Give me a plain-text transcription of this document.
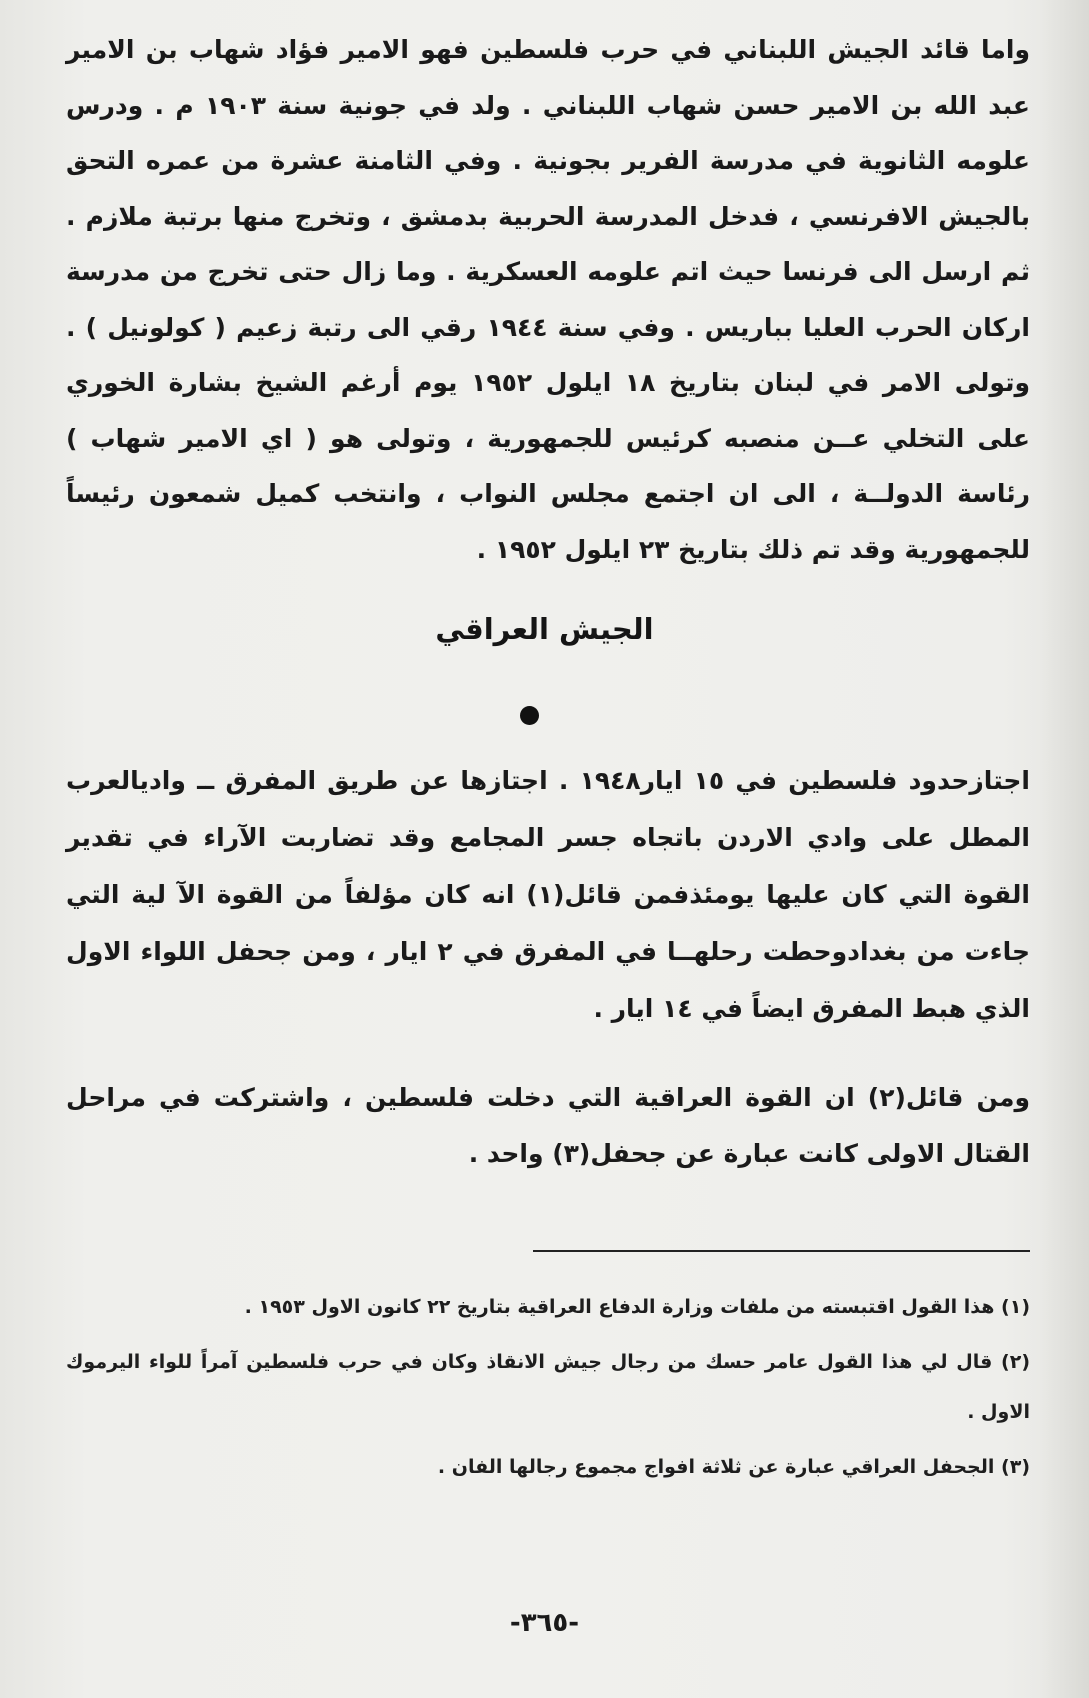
واما قائد الجيش اللبناني في حرب فلسطين فهو الامير فؤاد شهاب بن الامير عبد الله بن الامير حسن شهاب اللبناني . ولد في جونية سنة ١٩٠٣ م . ودرس علومه الثانوية في مدرسة الفرير بجونية . وفي الثامنة عشرة من عمره التحق بالجيش الافرنسي ، فدخل المدرسة الحربية بدمشق ، وتخرج منها برتبة ملازم . ثم ارسل الى فرنسا حيث اتم علومه العسكرية . وما زال حتى تخرج من مدرسة اركان الحرب العليا بباريس . وفي سنة ١٩٤٤ رقي الى رتبة زعيم ( كولونيل ) . وتولى الامر في لبنان بتاريخ ١٨ ايلول ١٩٥٢ يوم أرغم الشيخ بشارة الخوري على التخلي عــن منصبه كرئيس للجمهورية ، وتولى هو ( اي الامير شهاب ) رئاسة الدولــة ، الى ان اجتمع مجلس النواب ، وانتخب كميل شمعون رئيساً للجمهورية وقد تم ذلك بتاريخ ٢٣ ايلول ١٩٥٢ .
الجيش العراقي
اجتازحدود فلسطين في ١٥ ايار١٩٤٨ . اجتازها عن طريق المفرق ــ واديالعرب المطل على وادي الاردن باتجاه جسر المجامع وقد تضاربت الآراء في تقدير القوة التي كان عليها يومئذفمن قائل(١) انه كان مؤلفاً من القوة الآ لية التي جاءت من بغدادوحطت رحلهــا في المفرق في ٢ ايار ، ومن جحفل اللواء الاول الذي هبط المفرق ايضاً في ١٤ ايار .
ومن قائل(٢) ان القوة العراقية التي دخلت فلسطين ، واشتركت في مراحل القتال الاولى كانت عبارة عن جحفل(٣) واحد .
(١) هذا القول اقتبسته من ملفات وزارة الدفاع العراقية بتاريخ ٢٢ كانون الاول ١٩٥٣ .
(٢) قال لي هذا القول عامر حسك من رجال جيش الانقاذ وكان في حرب فلسطين آمراً للواء اليرموك الاول .
(٣) الجحفل العراقي عبارة عن ثلاثة افواج مجموع رجالها الفان .
-٣٦٥-
